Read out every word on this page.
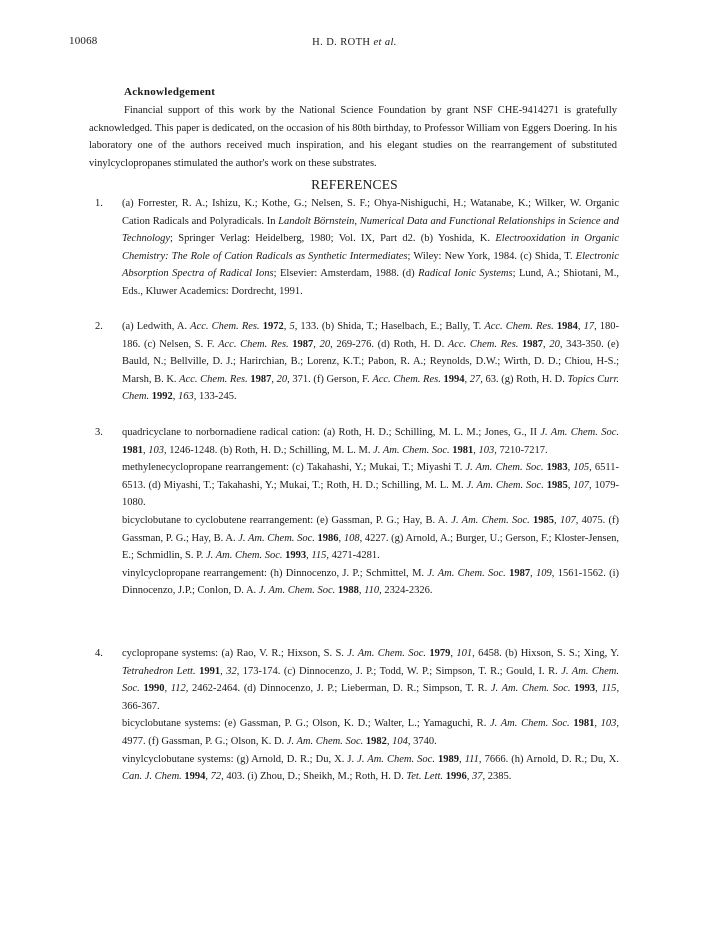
10068	H. D. ROTH et al.
Acknowledgement

Financial support of this work by the National Science Foundation by grant NSF CHE-9414271 is gratefully acknowledged. This paper is dedicated, on the occasion of his 80th birthday, to Professor William von Eggers Doering. In his laboratory one of the authors received much inspiration, and his elegant studies on the rearrangement of substituted vinylcyclopropanes stimulated the author's work on these substrates.

REFERENCES
1.	(a) Forrester, R. A.; Ishizu, K.; Kothe, G.; Nelsen, S. F.; Ohya-Nishiguchi, H.; Watanabe, K.; Wilker, W. Organic Cation Radicals and Polyradicals. In Landolt Börnstein, Numerical Data and Functional Relationships in Science and Technology; Springer Verlag: Heidelberg, 1980; Vol. IX, Part d2. (b) Yoshida, K. Electrooxidation in Organic Chemistry: The Role of Cation Radicals as Synthetic Intermediates; Wiley: New York, 1984. (c) Shida, T. Electronic Absorption Spectra of Radical Ions; Elsevier: Amsterdam, 1988. (d) Radical Ionic Systems; Lund, A.; Shiotani, M., Eds., Kluwer Academics: Dordrecht, 1991.
2.	(a) Ledwith, A. Acc. Chem. Res. 1972, 5, 133. (b) Shida, T.; Haselbach, E.; Bally, T. Acc. Chem. Res. 1984, 17, 180-186. (c) Nelsen, S. F. Acc. Chem. Res. 1987, 20, 269-276. (d) Roth, H. D. Acc. Chem. Res. 1987, 20, 343-350. (e) Bauld, N.; Bellville, D. J.; Harirchian, B.; Lorenz, K.T.; Pabon, R. A.; Reynolds, D.W.; Wirth, D. D.; Chiou, H-S.; Marsh, B. K. Acc. Chem. Res. 1987, 20, 371. (f) Gerson, F. Acc. Chem. Res. 1994, 27, 63. (g) Roth, H. D. Topics Curr. Chem. 1992, 163, 133-245.
3.	quadricyclane to norbornadiene radical cation: (a) Roth, H. D.; Schilling, M. L. M.; Jones, G., II J. Am. Chem. Soc. 1981, 103, 1246-1248. (b) Roth, H. D.; Schilling, M. L. M. J. Am. Chem. Soc. 1981, 103, 7210-7217.
methylenecyclopropane rearrangement: (c) Takahashi, Y.; Mukai, T.; Miyashi T. J. Am. Chem. Soc. 1983, 105, 6511-6513. (d) Miyashi, T.; Takahashi, Y.; Mukai, T.; Roth, H. D.; Schilling, M. L. M. J. Am. Chem. Soc. 1985, 107, 1079-1080.
bicyclobutane to cyclobutene rearrangement: (e) Gassman, P. G.; Hay, B. A. J. Am. Chem. Soc. 1985, 107, 4075. (f) Gassman, P. G.; Hay, B. A. J. Am. Chem. Soc. 1986, 108, 4227. (g) Arnold, A.; Burger, U.; Gerson, F.; Kloster-Jensen, E.; Schmidlin, S. P. J. Am. Chem. Soc. 1993, 115, 4271-4281.
vinylcyclopropane rearrangement: (h) Dinnocenzo, J. P.; Schmittel, M. J. Am. Chem. Soc. 1987, 109, 1561-1562. (i) Dinnocenzo, J.P.; Conlon, D. A. J. Am. Chem. Soc. 1988, 110, 2324-2326.
4.	cyclopropane systems: (a) Rao, V. R.; Hixson, S. S. J. Am. Chem. Soc. 1979, 101, 6458. (b) Hixson, S. S.; Xing, Y. Tetrahedron Lett. 1991, 32, 173-174. (c) Dinnocenzo, J. P.; Todd, W. P.; Simpson, T. R.; Gould, I. R. J. Am. Chem. Soc. 1990, 112, 2462-2464. (d) Dinnocenzo, J. P.; Lieberman, D. R.; Simpson, T. R. J. Am. Chem. Soc. 1993, 115, 366-367.
bicyclobutane systems: (e) Gassman, P. G.; Olson, K. D.; Walter, L.; Yamaguchi, R. J. Am. Chem. Soc. 1981, 103, 4977. (f) Gassman, P. G.; Olson, K. D. J. Am. Chem. Soc. 1982, 104, 3740.
vinylcyclobutane systems: (g) Arnold, D. R.; Du, X. J. J. Am. Chem. Soc. 1989, 111, 7666. (h) Arnold, D. R.; Du, X. Can. J. Chem. 1994, 72, 403. (i) Zhou, D.; Sheikh, M.; Roth, H. D. Tet. Lett. 1996, 37, 2385.
